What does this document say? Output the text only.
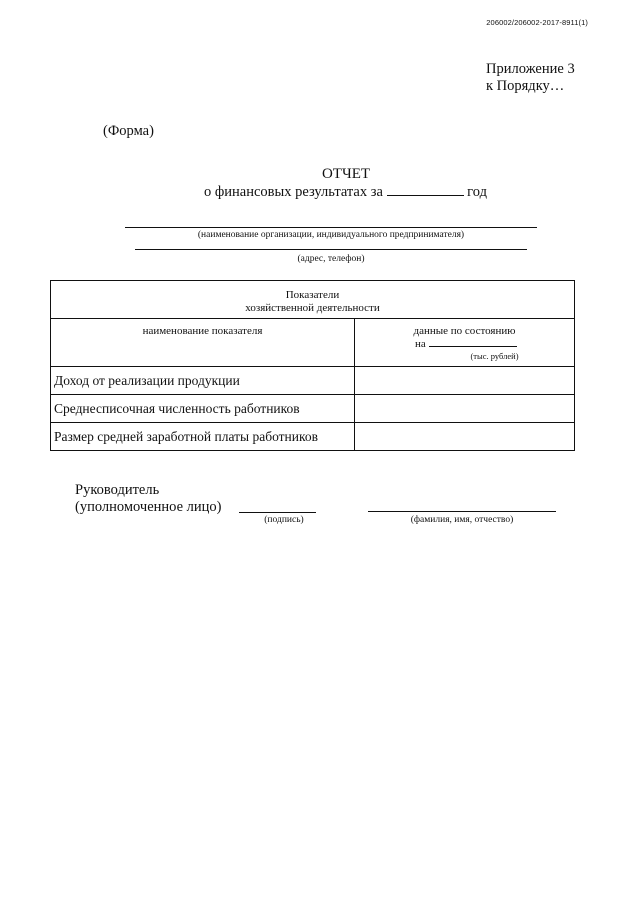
206002/206002-2017-8911(1)
Приложение 3
к Порядку…
(Форма)
ОТЧЕТ
о финансовых результатах за	год
(наименование организации, индивидуального предпринимателя)
(адрес, телефон)
Показатели
хозяйственной деятельности	

наименование показателя	данные по состоянию
на
(тыс. рублей)

Доход от реализации продукции	
Среднесписочная численность работников	
Размер средней заработной платы работников	
Руководитель
(уполномоченное лицо)
(подпись)	(фамилия, имя, отчество)
